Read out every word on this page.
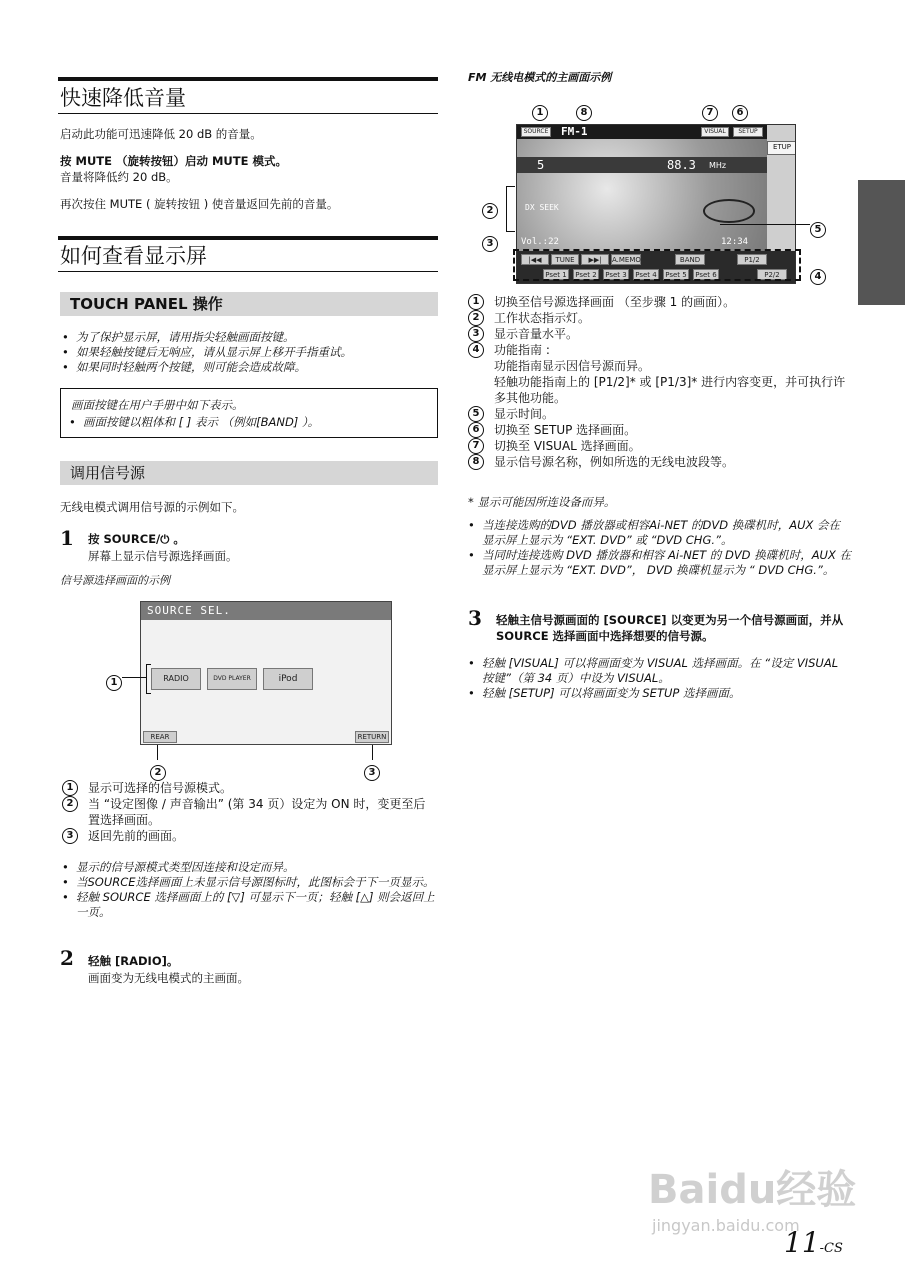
快速降低音量
启动此功能可迅速降低 20 dB 的音量。
按 MUTE （旋转按钮）启动 MUTE 模式。
音量将降低约 20 dB。
再次按住 MUTE ( 旋转按钮 ) 使音量返回先前的音量。
如何查看显示屏
TOUCH PANEL 操作
• 为了保护显示屏，请用指尖轻触画面按键。
• 如果轻触按键后无响应，请从显示屏上移开手指重试。
• 如果同时轻触两个按键，则可能会造成故障。
画面按键在用户手册中如下表示。
• 画面按键以粗体和 [ ] 表示 （例如[BAND] ）。
调用信号源
无线电模式调用信号源的示例如下。
1 按 SOURCE/⏻ 。
屏幕上显示信号源选择画面。
信号源选择画面的示例
SOURCE SEL.
RADIO	DVD PLAYER	iPod
REAR	RETURN
1
2	3
1	显示可选择的信号源模式。
2	当 “设定图像 / 声音输出” (第 34 页）设定为 ON 时，变更至后置选择画面。
3	返回先前的画面。
• 显示的信号源模式类型因连接和设定而异。
• 当SOURCE选择画面上未显示信号源图标时，此图标会于下一页显示。
• 轻触 SOURCE 选择画面上的 [▽] 可显示下一页；轻触 [△] 则会返回上一页。
2 轻触 [RADIO]。
画面变为无线电模式的主画面。
FM 无线电模式的主画面示例
1	8	7	6
SOURCE FM-1	VISUAL	SETUP
ETUP
5	88.3 MHz
DX SEEK
Vol.:22	12:34
|◀◀	TUNE	▶▶|	A.MEMO	BAND	P1/2
Pset 1	Pset 2	Pset 3	Pset 4	Pset 5	Pset 6	P2/2
2
3
5
4
1	切换至信号源选择画面 （至步骤 1 的画面）。
2	工作状态指示灯。
3	显示音量水平。
4	功能指南 :
功能指南显示因信号源而异。
轻触功能指南上的 [P1/2]* 或 [P1/3]* 进行内容变更，并可执行许多其他功能。
5	显示时间。
6	切换至 SETUP 选择画面。
7	切换至 VISUAL 选择画面。
8	显示信号源名称，例如所选的无线电波段等。
* 显示可能因所连设备而异。
• 当连接选购的DVD 播放器或相容Ai-NET 的DVD 换碟机时，AUX 会在显示屏上显示为 “EXT. DVD” 或 “DVD CHG.”。
• 当同时连接选购 DVD 播放器和相容 Ai-NET 的 DVD 换碟机时，AUX 在显示屏上显示为 “EXT. DVD”， DVD 换碟机显示为 “ DVD CHG.”。
3 轻触主信号源画面的 [SOURCE] 以变更为另一个信号源画面，并从 SOURCE 选择画面中选择想要的信号源。
• 轻触 [VISUAL] 可以将画面变为 VISUAL 选择画面。在 “设定 VISUAL 按键”（第 34 页）中设为 VISUAL。
• 轻触 [SETUP] 可以将画面变为 SETUP 选择画面。
Baidu经验
jingyan.baidu.com
11-CS
